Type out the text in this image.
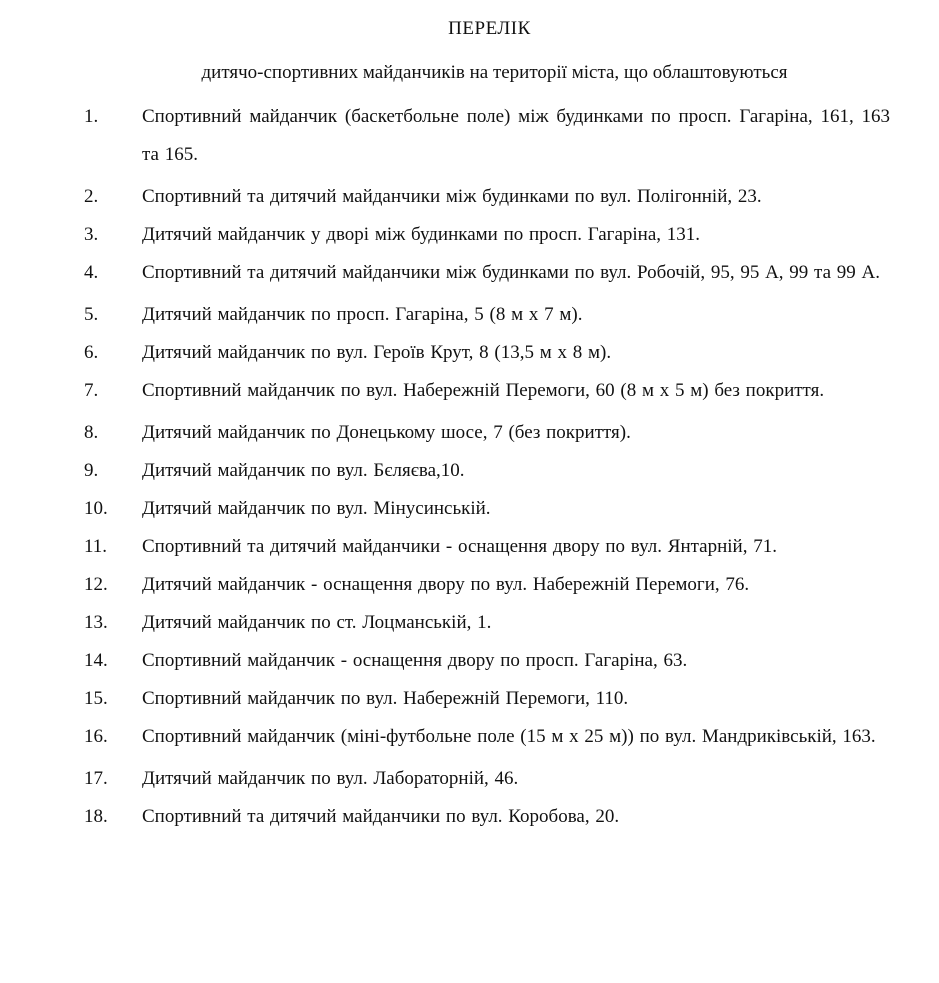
ПЕРЕЛІК
дитячо-спортивних майданчиків на території міста, що облаштовуються
1.	Спортивний майданчик (баскетбольне поле) між будинками по просп. Гагаріна, 161, 163 та 165.
2.	Спортивний та дитячий майданчики між будинками по вул. Полігонній, 23.
3.	Дитячий майданчик у дворі між будинками по просп. Гагаріна, 131.
4.	Спортивний та дитячий майданчики між будинками по вул. Робочій, 95, 95 А, 99 та 99 А.
5.	Дитячий майданчик по просп. Гагаріна, 5 (8 м х 7 м).
6.	Дитячий майданчик по вул. Героїв Крут, 8 (13,5 м х 8 м).
7.	Спортивний майданчик по вул. Набережній Перемоги, 60 (8 м х 5 м) без покриття.
8.	Дитячий майданчик по Донецькому шосе, 7 (без покриття).
9.	Дитячий майданчик по вул. Бєляєва,10.
10.	Дитячий майданчик по вул. Мінусинській.
11.	Спортивний та дитячий майданчики - оснащення двору по вул. Янтарній, 71.
12.	Дитячий майданчик - оснащення двору по вул. Набережній Перемоги, 76.
13.	Дитячий майданчик по ст. Лоцманській, 1.
14.	Спортивний майданчик - оснащення двору по просп. Гагаріна, 63.
15.	Спортивний майданчик по вул. Набережній Перемоги, 110.
16.	Спортивний майданчик (міні-футбольне поле (15 м х 25 м)) по вул. Мандриківській, 163.
17.	Дитячий майданчик по вул. Лабораторній, 46.
18.	Спортивний та дитячий майданчики по вул. Коробова, 20.
